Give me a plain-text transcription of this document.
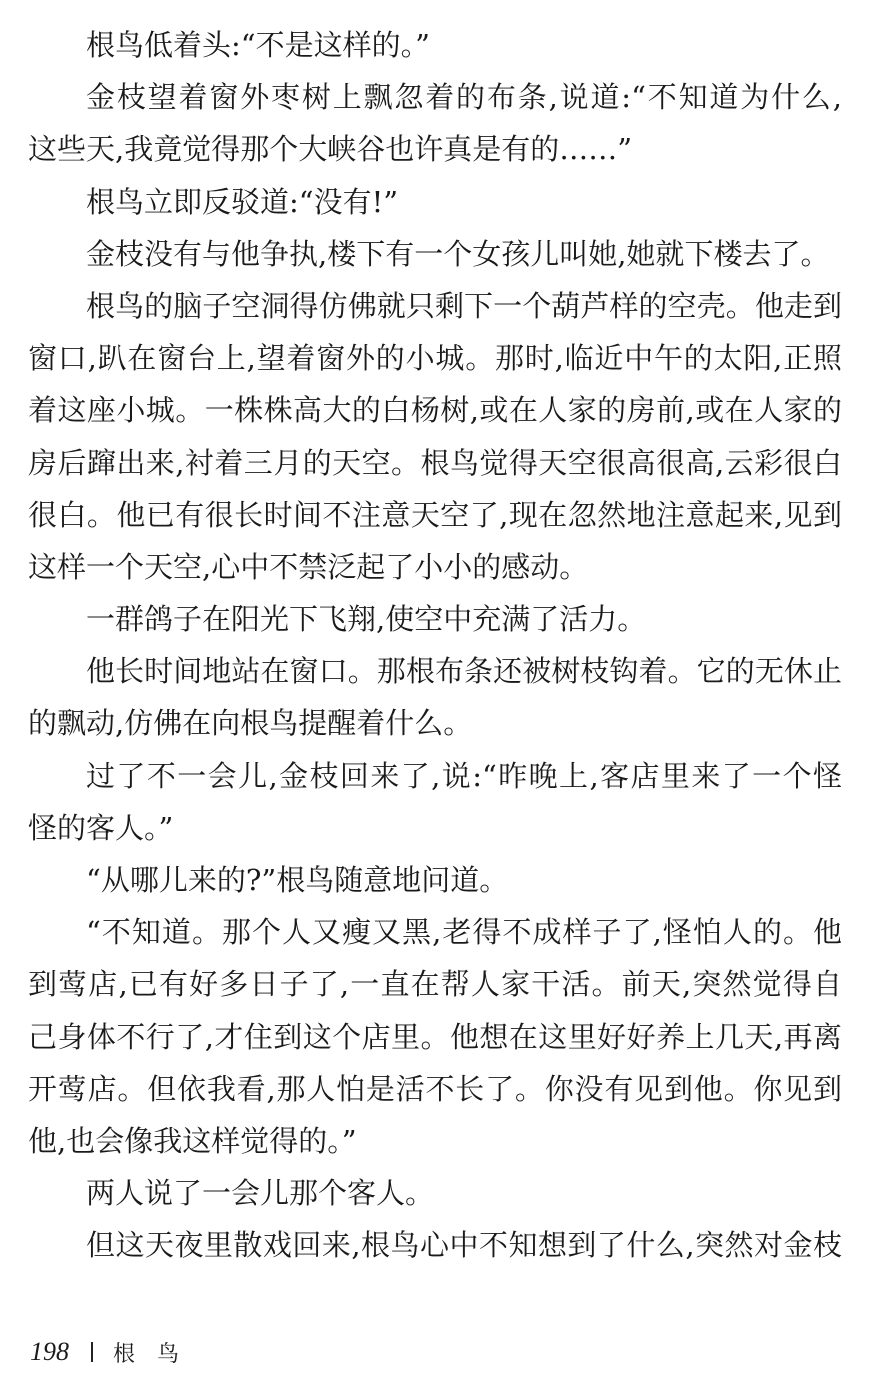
根鸟低着头:“不是这样的。”
金枝望着窗外枣树上飘忽着的布条,说道:“不知道为什么,
这些天,我竟觉得那个大峡谷也许真是有的……”
根鸟立即反驳道:“没有!”
金枝没有与他争执,楼下有一个女孩儿叫她,她就下楼去了。
根鸟的脑子空洞得仿佛就只剩下一个葫芦样的空壳。他走到
窗口,趴在窗台上,望着窗外的小城。那时,临近中午的太阳,正照
着这座小城。一株株高大的白杨树,或在人家的房前,或在人家的
房后蹿出来,衬着三月的天空。根鸟觉得天空很高很高,云彩很白
很白。他已有很长时间不注意天空了,现在忽然地注意起来,见到
这样一个天空,心中不禁泛起了小小的感动。
一群鸽子在阳光下飞翔,使空中充满了活力。
他长时间地站在窗口。那根布条还被树枝钩着。它的无休止
的飘动,仿佛在向根鸟提醒着什么。
过了不一会儿,金枝回来了,说:“昨晚上,客店里来了一个怪
怪的客人。”
“从哪儿来的?”根鸟随意地问道。
“不知道。那个人又瘦又黑,老得不成样子了,怪怕人的。他
到莺店,已有好多日子了,一直在帮人家干活。前天,突然觉得自
己身体不行了,才住到这个店里。他想在这里好好养上几天,再离
开莺店。但依我看,那人怕是活不长了。你没有见到他。你见到
他,也会像我这样觉得的。”
两人说了一会儿那个客人。
但这天夜里散戏回来,根鸟心中不知想到了什么,突然对金枝
198 根鸟
